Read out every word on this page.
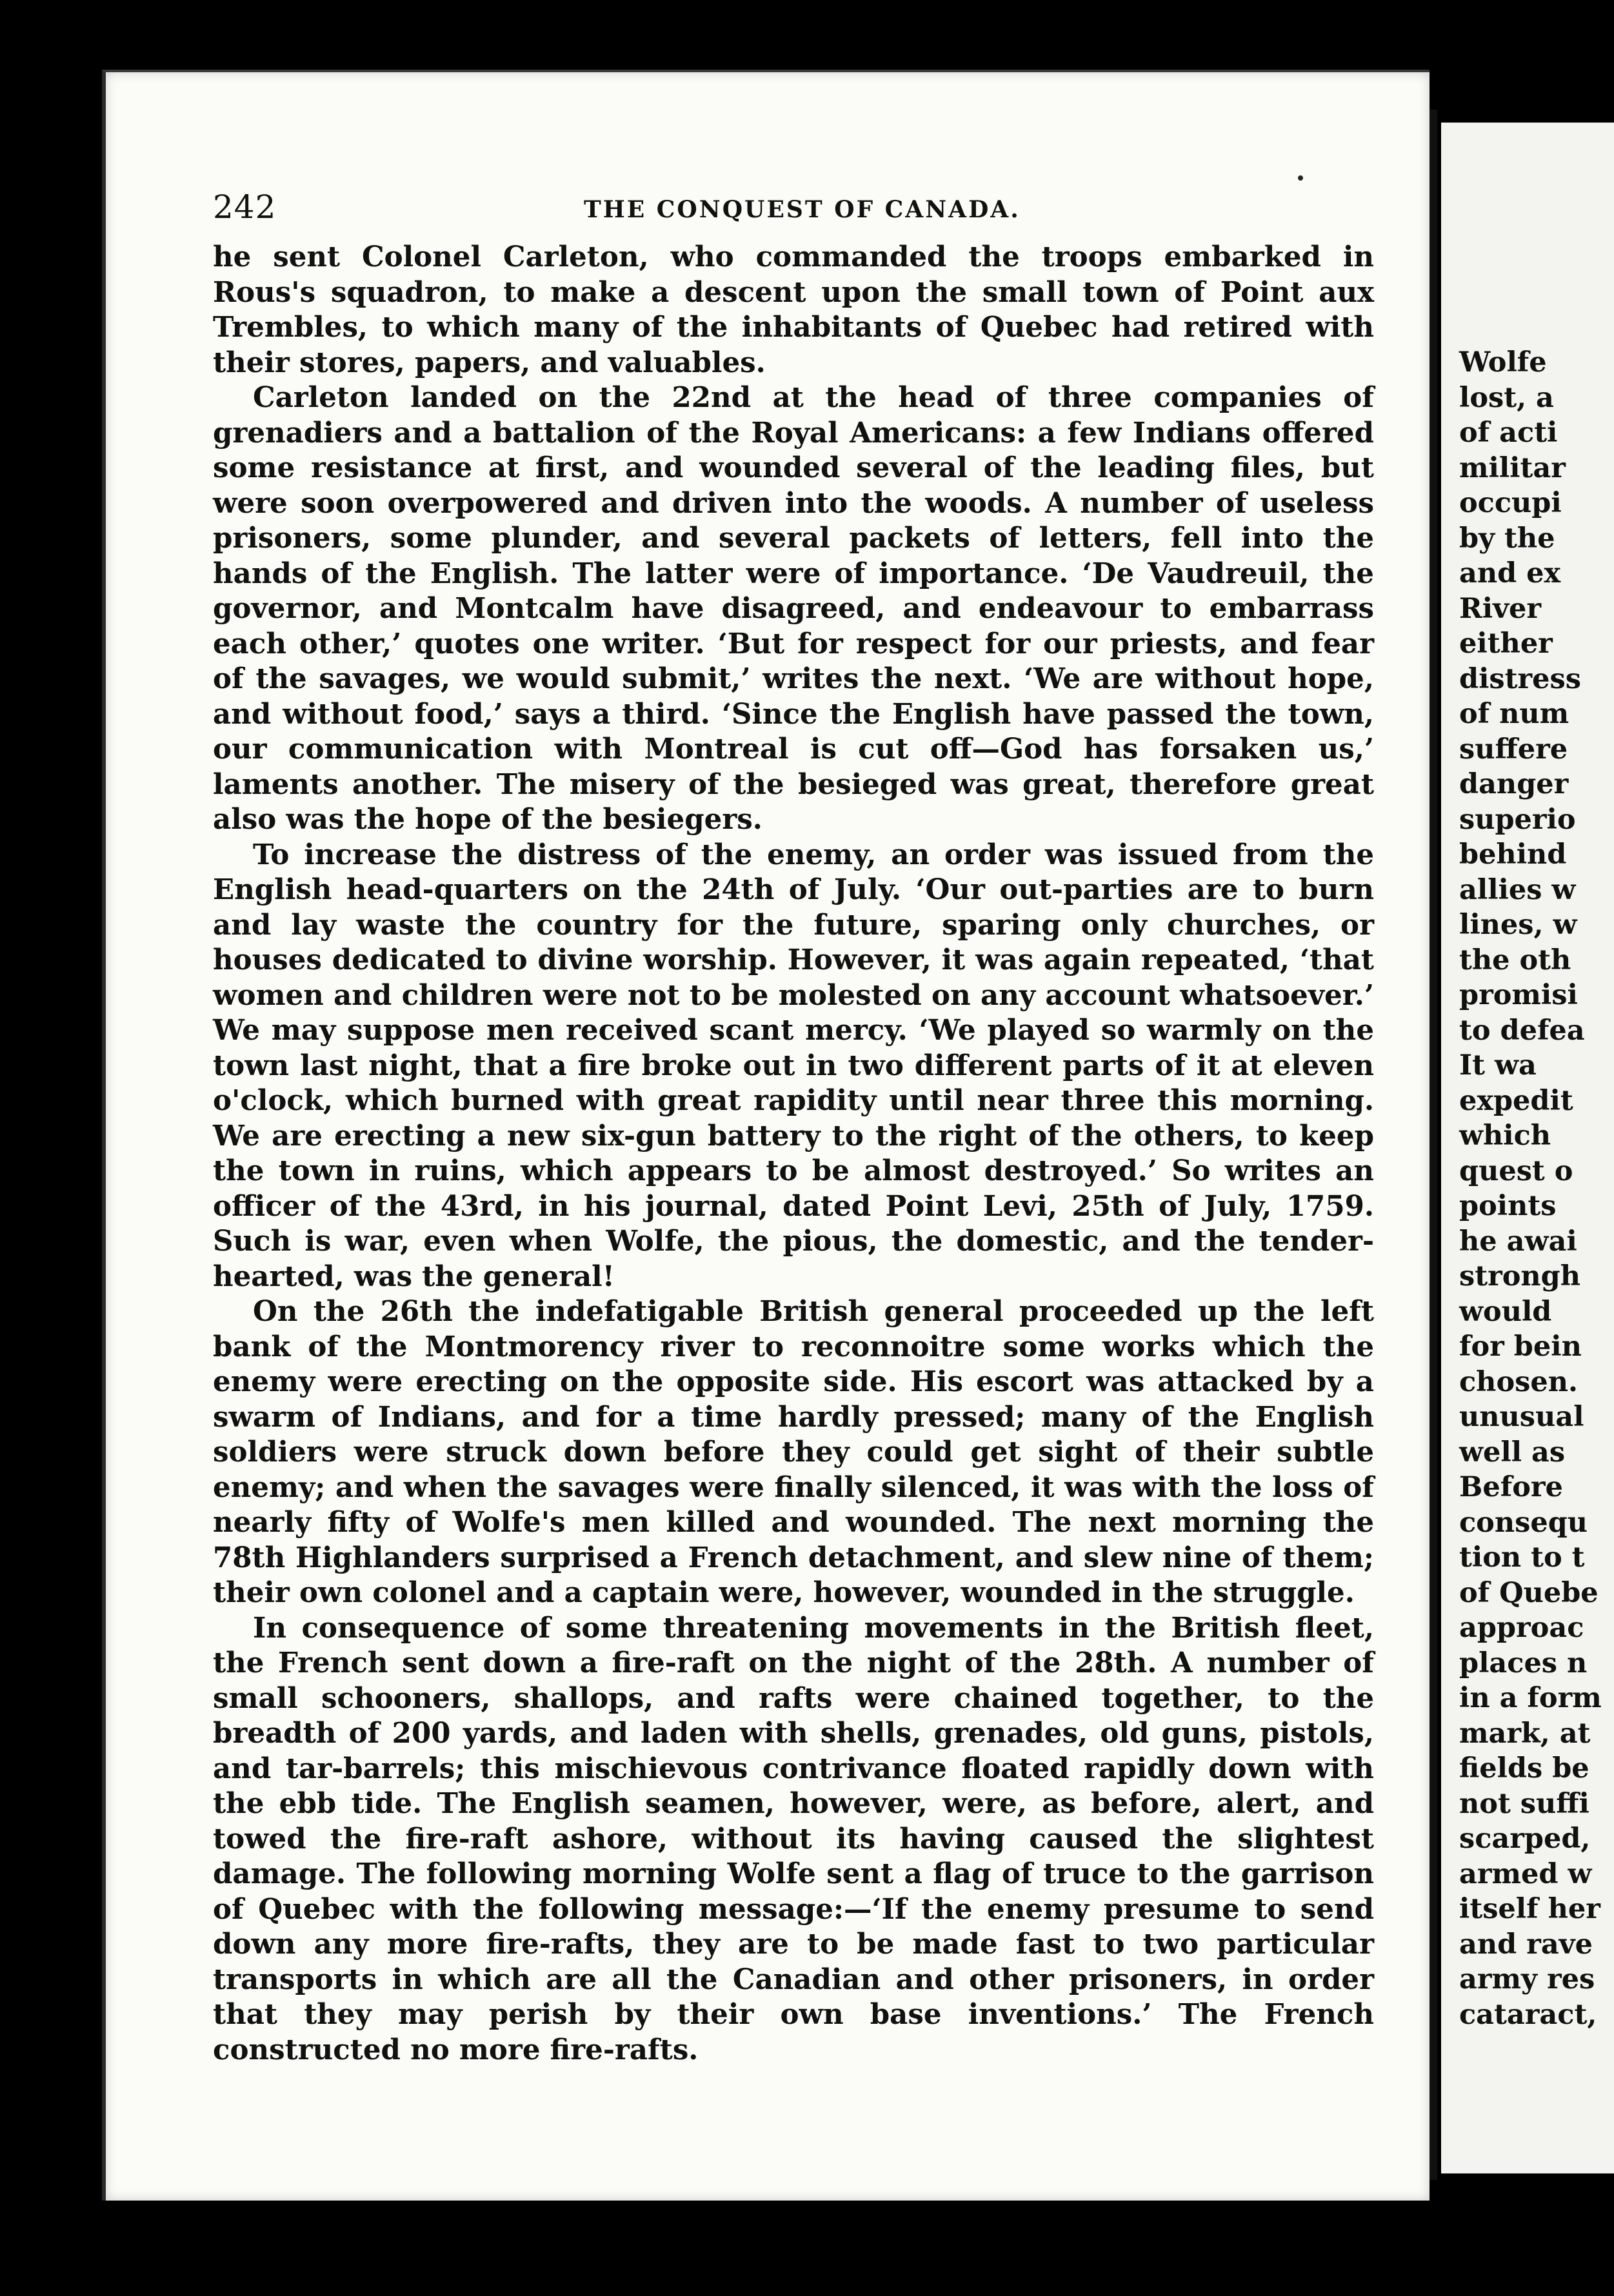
Wolfe
lost, a
of acti
militar
occupi
by the
and ex
River
either
distress
of num
suffere
danger
superio
behind
allies w
lines, w
the oth
promisi
to defea
It wa
expedit
which
quest o
points
he awai
strongh
would
for bein
chosen.
unusual
well as
Before
consequ
tion to t
of Quebe
approac
places n
in a form
mark, at
fields be
not suffi
scarped,
armed w
itself her
and rave
army res
cataract,
242	THE CONQUEST OF CANADA.

he sent Colonel Carleton, who commanded the troops embarked in Rous's squadron, to make a descent upon the small town of Point aux Trembles, to which many of the inhabitants of Quebec had retired with their stores, papers, and valuables.

Carleton landed on the 22nd at the head of three companies of grenadiers and a battalion of the Royal Americans: a few Indians offered some resistance at first, and wounded several of the leading files, but were soon overpowered and driven into the woods. A number of useless prisoners, some plunder, and several packets of letters, fell into the hands of the English. The latter were of importance. ‘De Vaudreuil, the governor, and Montcalm have disagreed, and endeavour to embarrass each other,’ quotes one writer. ‘But for respect for our priests, and fear of the savages, we would submit,’ writes the next. ‘We are without hope, and without food,’ says a third. ‘Since the English have passed the town, our communication with Montreal is cut off—God has forsaken us,’ laments another. The misery of the besieged was great, therefore great also was the hope of the besiegers.

To increase the distress of the enemy, an order was issued from the English head-quarters on the 24th of July. ‘Our out-parties are to burn and lay waste the country for the future, sparing only churches, or houses dedicated to divine worship. However, it was again repeated, ‘that women and children were not to be molested on any account whatsoever.’ We may suppose men received scant mercy. ‘We played so warmly on the town last night, that a fire broke out in two different parts of it at eleven o'clock, which burned with great rapidity until near three this morning. We are erecting a new six-gun battery to the right of the others, to keep the town in ruins, which appears to be almost destroyed.’ So writes an officer of the 43rd, in his journal, dated Point Levi, 25th of July, 1759. Such is war, even when Wolfe, the pious, the domestic, and the tender-hearted, was the general!

On the 26th the indefatigable British general proceeded up the left bank of the Montmorency river to reconnoitre some works which the enemy were erecting on the opposite side. His escort was attacked by a swarm of Indians, and for a time hardly pressed; many of the English soldiers were struck down before they could get sight of their subtle enemy; and when the savages were finally silenced, it was with the loss of nearly fifty of Wolfe's men killed and wounded. The next morning the 78th Highlanders surprised a French detachment, and slew nine of them; their own colonel and a captain were, however, wounded in the struggle.

In consequence of some threatening movements in the British fleet, the French sent down a fire-raft on the night of the 28th. A number of small schooners, shallops, and rafts were chained together, to the breadth of 200 yards, and laden with shells, grenades, old guns, pistols, and tar-barrels; this mischievous contrivance floated rapidly down with the ebb tide. The English seamen, however, were, as before, alert, and towed the fire-raft ashore, without its having caused the slightest damage. The following morning Wolfe sent a flag of truce to the garrison of Quebec with the following message:—‘If the enemy presume to send down any more fire-rafts, they are to be made fast to two particular transports in which are all the Canadian and other prisoners, in order that they may perish by their own base inventions.’ The French constructed no more fire-rafts.
